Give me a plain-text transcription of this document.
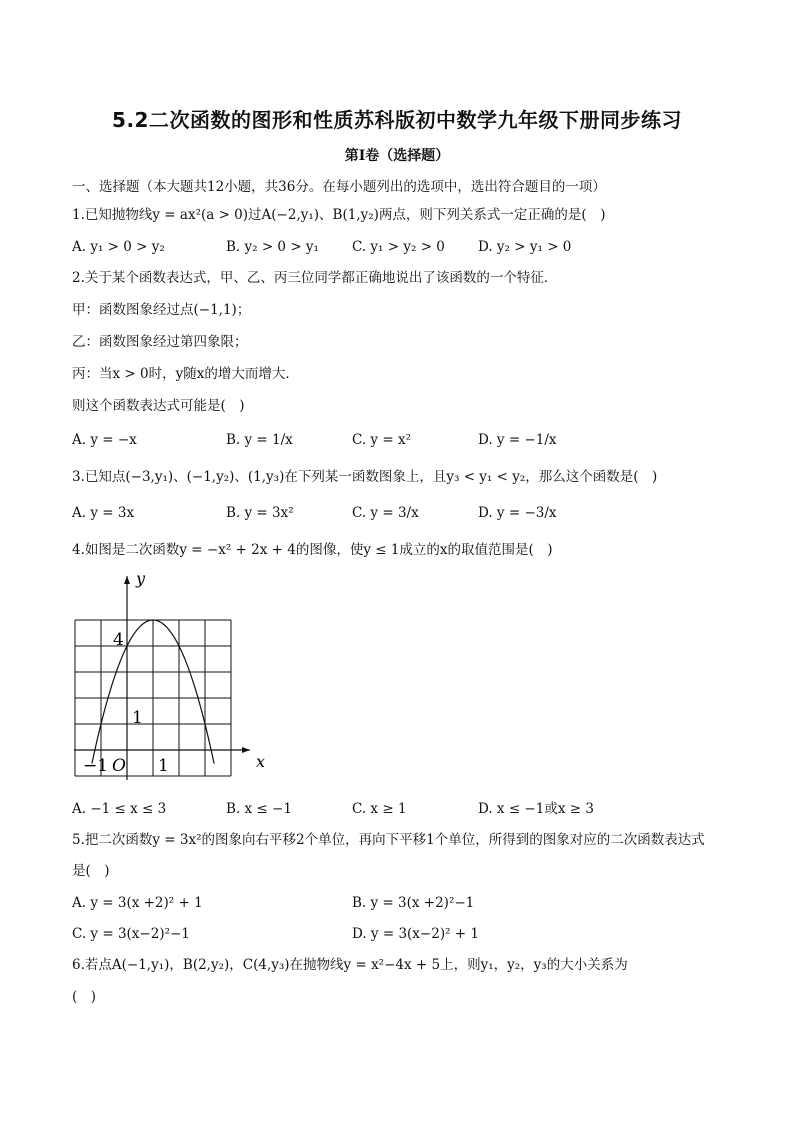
5.2二次函数的图形和性质苏科版初中数学九年级下册同步练习
第I卷（选择题）
一、选择题（本大题共12小题，共36分。在每小题列出的选项中，选出符合题目的一项）
1.已知抛物线y = ax²(a > 0)过A(−2,y₁)、B(1,y₂)两点，则下列关系式一定正确的是(　)
A. y₁ > 0 > y₂	B. y₂ > 0 > y₁ C. y₁ > y₂ > 0 D. y₂ > y₁ > 0
2.关于某个函数表达式，甲、乙、丙三位同学都正确地说出了该函数的一个特征．
甲：函数图象经过点(−1,1)；
乙：函数图象经过第四象限；
丙：当x > 0时，y随x的增大而增大．
则这个函数表达式可能是(　)
A. y = −x	B. y = 1/x	C. y = x²	D. y = −1/x
3.已知点(−3,y₁)、(−1,y₂)、(1,y₃)在下列某一函数图象上，且y₃ < y₁ < y₂，那么这个函数是(　)
A. y = 3x	B. y = 3x²	C. y = 3/x	D. y = −3/x
4.如图是二次函数y = −x² + 2x + 4的图像，使y ≤ 1成立的x的取值范围是(　)
x
y
O
4
1
−1	1
A. −1 ≤ x ≤ 3	B. x ≤ −1	C. x ≥ 1	D. x ≤ −1或x ≥ 3
5.把二次函数y = 3x²的图象向右平移2个单位，再向下平移1个单位，所得到的图象对应的二次函数表达式
是(　)
A. y = 3(x +2)² + 1	B. y = 3(x +2)²−1
C. y = 3(x−2)²−1	D. y = 3(x−2)² + 1
6.若点A(−1,y₁)，B(2,y₂)，C(4,y₃)在抛物线y = x²−4x + 5上，则y₁，y₂，y₃的大小关系为
(　)
